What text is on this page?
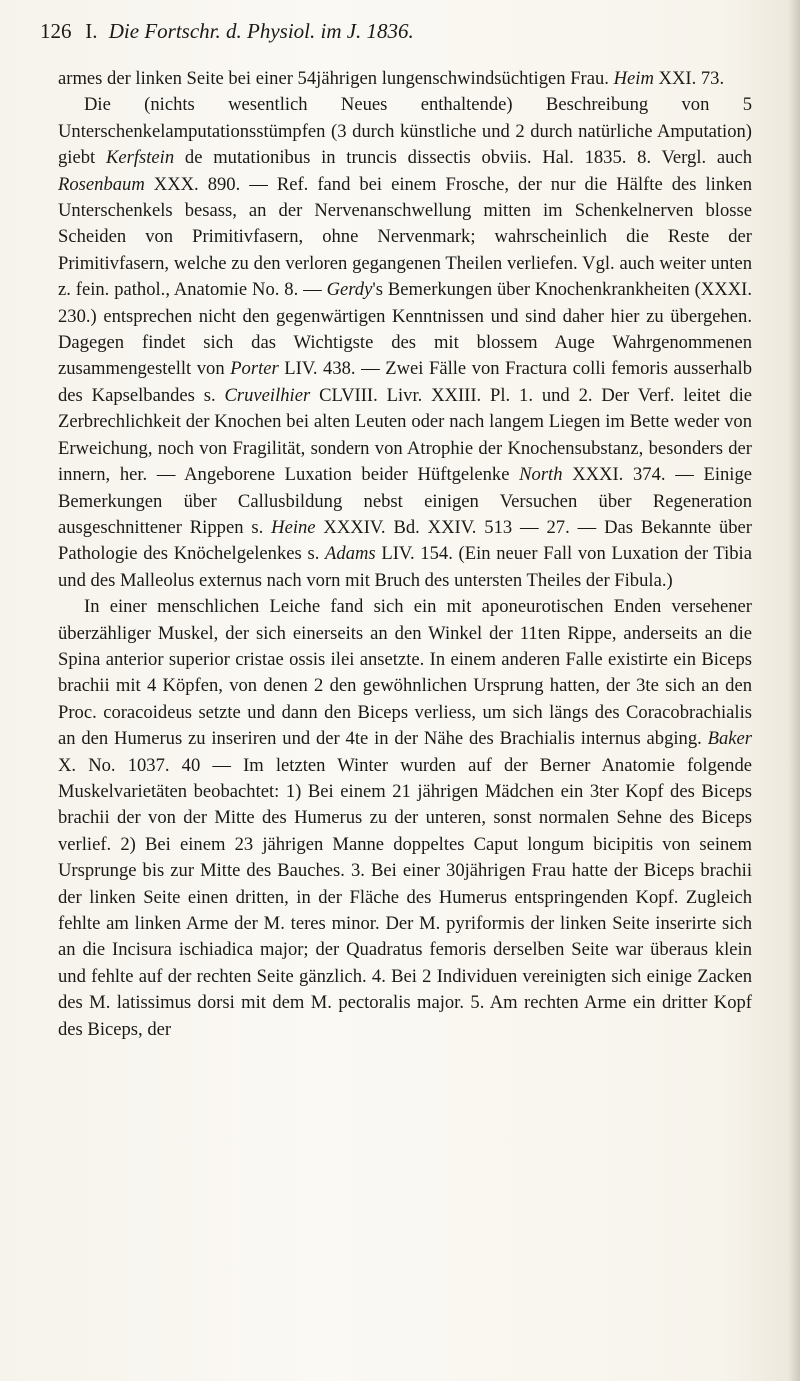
126 I. Die Fortschr. d. Physiol. im J. 1836.

armes der linken Seite bei einer 54jährigen lungenschwindsüchtigen Frau. Heim XXI. 73.

Die (nichts wesentlich Neues enthaltende) Beschreibung von 5 Unterschenkelamputationsstümpfen (3 durch künstliche und 2 durch natürliche Amputation) giebt Kerfstein de mutationibus in truncis dissectis obviis. Hal. 1835. 8. Vergl. auch Rosenbaum XXX. 890. — Ref. fand bei einem Frosche, der nur die Hälfte des linken Unterschenkels besass, an der Nervenanschwellung mitten im Schenkelnerven blosse Scheiden von Primitivfasern, ohne Nervenmark; wahrscheinlich die Reste der Primitivfasern, welche zu den verloren gegangenen Theilen verliefen. Vgl. auch weiter unten z. fein. pathol., Anatomie No. 8. — Gerdy's Bemerkungen über Knochenkrankheiten (XXXI. 230.) entsprechen nicht den gegenwärtigen Kenntnissen und sind daher hier zu übergehen. Dagegen findet sich das Wichtigste des mit blossem Auge Wahrgenommenen zusammengestellt von Porter LIV. 438. — Zwei Fälle von Fractura colli femoris ausserhalb des Kapselbandes s. Cruveilhier CLVIII. Livr. XXIII. Pl. 1. und 2. Der Verf. leitet die Zerbrechlichkeit der Knochen bei alten Leuten oder nach langem Liegen im Bette weder von Erweichung, noch von Fragilität, sondern von Atrophie der Knochensubstanz, besonders der innern, her. — Angeborene Luxation beider Hüftgelenke North XXXI. 374. — Einige Bemerkungen über Callusbildung nebst einigen Versuchen über Regeneration ausgeschnittener Rippen s. Heine XXXIV. Bd. XXIV. 513 — 27. — Das Bekannte über Pathologie des Knöchelgelenkes s. Adams LIV. 154. (Ein neuer Fall von Luxation der Tibia und des Malleolus externus nach vorn mit Bruch des untersten Theiles der Fibula.)

In einer menschlichen Leiche fand sich ein mit aponeurotischen Enden versehener überzähliger Muskel, der sich einerseits an den Winkel der 11ten Rippe, anderseits an die Spina anterior superior cristae ossis ilei ansetzte. In einem anderen Falle existirte ein Biceps brachii mit 4 Köpfen, von denen 2 den gewöhnlichen Ursprung hatten, der 3te sich an den Proc. coracoideus setzte und dann den Biceps verliess, um sich längs des Coracobrachialis an den Humerus zu inseriren und der 4te in der Nähe des Brachialis internus abging. Baker X. No. 1037. 40 — Im letzten Winter wurden auf der Berner Anatomie folgende Muskelvarietäten beobachtet: 1) Bei einem 21 jährigen Mädchen ein 3ter Kopf des Biceps brachii der von der Mitte des Humerus zu der unteren, sonst normalen Sehne des Biceps verlief. 2) Bei einem 23 jährigen Manne doppeltes Caput longum bicipitis von seinem Ursprunge bis zur Mitte des Bauches. 3. Bei einer 30jährigen Frau hatte der Biceps brachii der linken Seite einen dritten, in der Fläche des Humerus entspringenden Kopf. Zugleich fehlte am linken Arme der M. teres minor. Der M. pyriformis der linken Seite inserirte sich an die Incisura ischiadica major; der Quadratus femoris derselben Seite war überaus klein und fehlte auf der rechten Seite gänzlich. 4. Bei 2 Individuen vereinigten sich einige Zacken des M. latissimus dorsi mit dem M. pectoralis major. 5. Am rechten Arme ein dritter Kopf des Biceps, der
